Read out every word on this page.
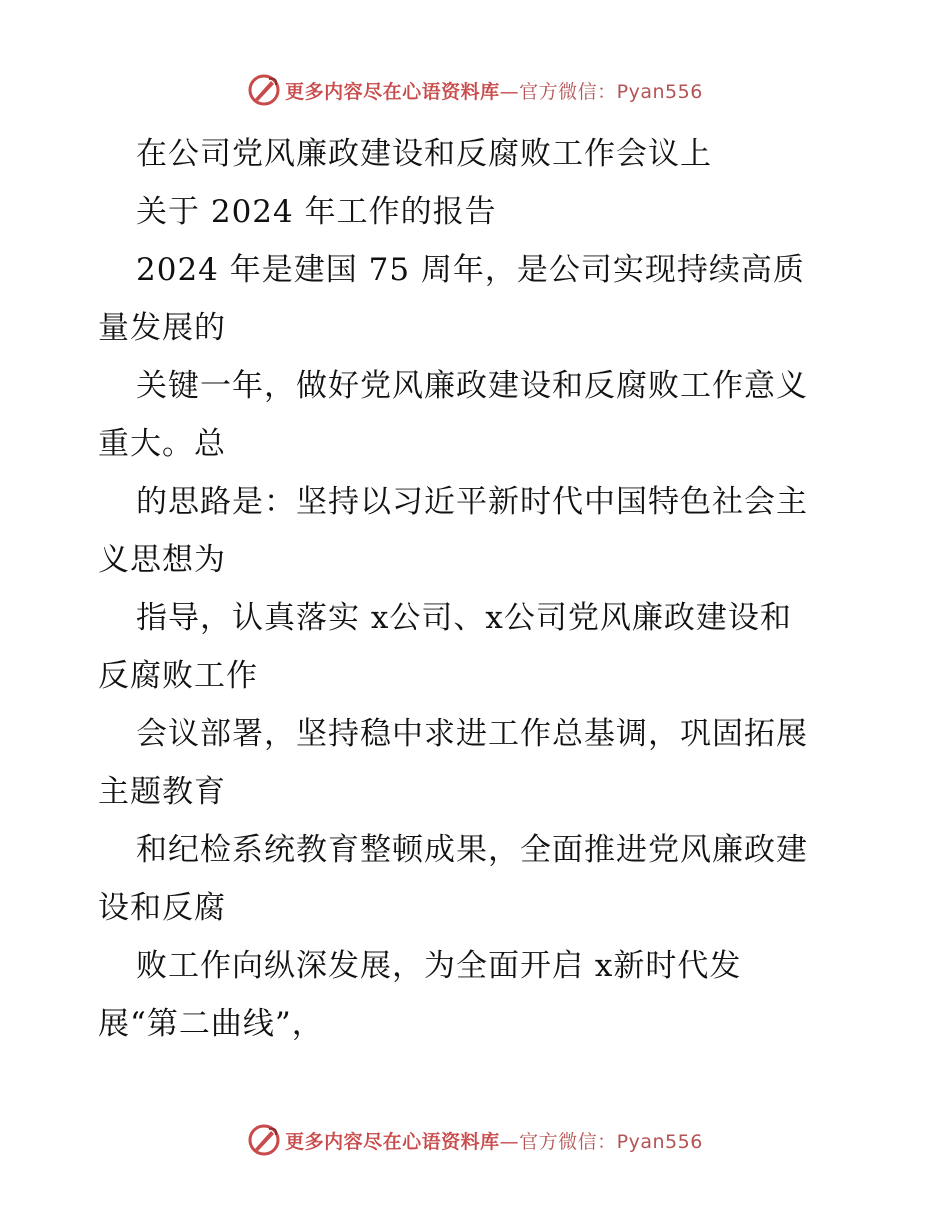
更多内容尽在心语资料库—官方微信：Pyan556
在公司党风廉政建设和反腐败工作会议上
关于 2024 年工作的报告
2024 年是建国 75 周年，是公司实现持续高质
量发展的
关键一年，做好党风廉政建设和反腐败工作意义
重大。总
的思路是：坚持以习近平新时代中国特色社会主
义思想为
指导，认真落实 x公司、x公司党风廉政建设和
反腐败工作
会议部署，坚持稳中求进工作总基调，巩固拓展
主题教育
和纪检系统教育整顿成果，全面推进党风廉政建
设和反腐
败工作向纵深发展，为全面开启 x新时代发
展“第二曲线”，
更多内容尽在心语资料库—官方微信：Pyan556
